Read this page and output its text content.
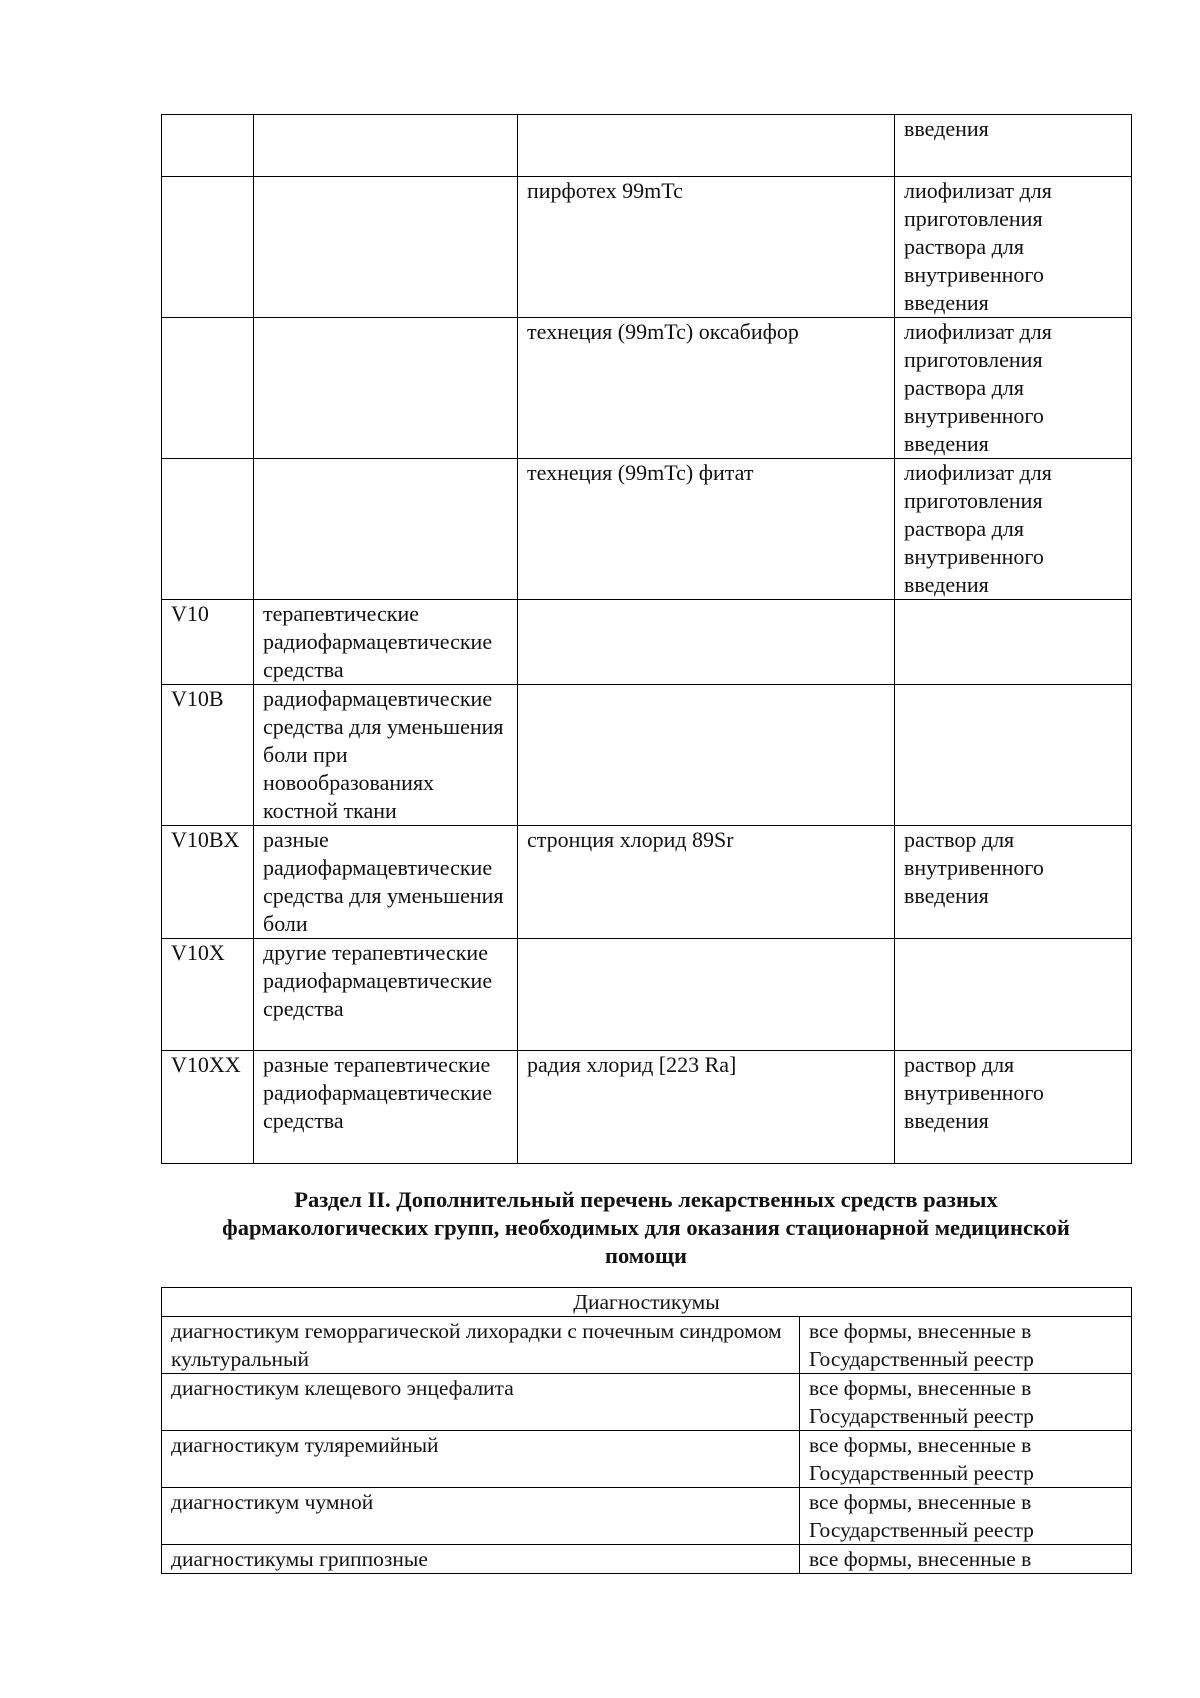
			введения
		пирфотех 99mTc	лиофилизат для приготовления раствора для внутривенного введения
		технеция (99mTc) оксабифор	лиофилизат для приготовления раствора для внутривенного введения
		технеция (99mTc) фитат	лиофилизат для приготовления раствора для внутривенного введения
V10	терапевтические радиофармацевтические средства		
V10B	радиофармацевтические средства для уменьшения боли при новообразованиях костной ткани		
V10BX	разные радиофармацевтические средства для уменьшения боли	стронция хлорид 89Sr	раствор для внутривенного введения
V10X	другие терапевтические радиофармацевтические средства		
V10XX	разные терапевтические радиофармацевтические средства	радия хлорид [223 Ra]	раствор для внутривенного введения
Раздел II. Дополнительный перечень лекарственных средств разных
фармакологических групп, необходимых для оказания стационарной медицинской
помощи
Диагностикумы	
диагностикум геморрагической лихорадки с почечным синдромом культуральный	все формы, внесенные в Государственный реестр
диагностикум клещевого энцефалита	все формы, внесенные в Государственный реестр
диагностикум туляремийный	все формы, внесенные в Государственный реестр
диагностикум чумной	все формы, внесенные в Государственный реестр
диагностикумы гриппозные	все формы, внесенные в
